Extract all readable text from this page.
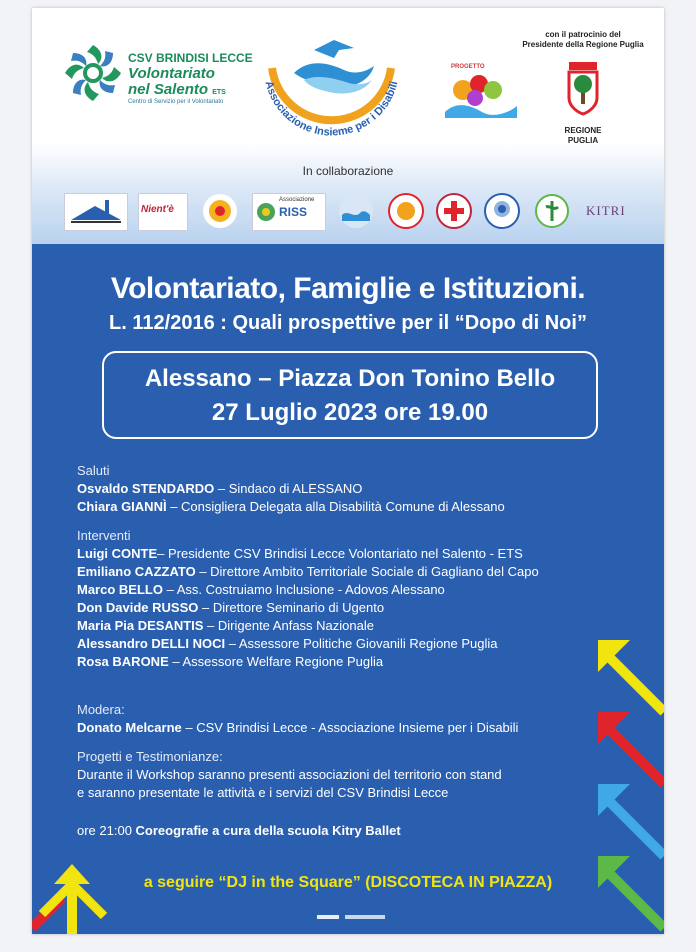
CSV BRINDISI LECCE
Volontariato
nel Salento ETS
Centro di Servizio per il Volontariato
Associazione Insieme per i Disabili
PROGETTO
con il patrocinio del
Presidente della Regione Puglia
REGIONE
PUGLIA
In collaborazione
Nient'è
Associazione
RISS	KITRI
Volontariato, Famiglie e Istituzioni.
L. 112/2016 : Quali prospettive per il “Dopo di Noi”
Alessano – Piazza Don Tonino Bello
27 Luglio 2023 ore 19.00
Saluti
Osvaldo STENDARDO – Sindaco di ALESSANO
Chiara GIANNÌ – Consigliera Delegata alla Disabilità Comune di Alessano
Interventi
Luigi CONTE– Presidente CSV Brindisi Lecce Volontariato nel Salento - ETS
Emiliano CAZZATO – Direttore Ambito Territoriale Sociale di Gagliano del Capo
Marco BELLO – Ass. Costruiamo Inclusione - Adovos Alessano
Don Davide RUSSO – Direttore Seminario di Ugento
Maria Pia DESANTIS – Dirigente Anfass Nazionale
Alessandro DELLI NOCI – Assessore Politiche Giovanili Regione Puglia
Rosa BARONE – Assessore Welfare Regione Puglia
Modera:
Donato Melcarne – CSV Brindisi Lecce - Associazione Insieme per i Disabili
Progetti e Testimonianze:
Durante il Workshop saranno presenti associazioni del territorio con stand
e saranno presentate le attività e i servizi del CSV Brindisi Lecce
ore 21:00 Coreografie a cura della scuola Kitry Ballet
a seguire “DJ in the Square” (DISCOTECA IN PIAZZA)
